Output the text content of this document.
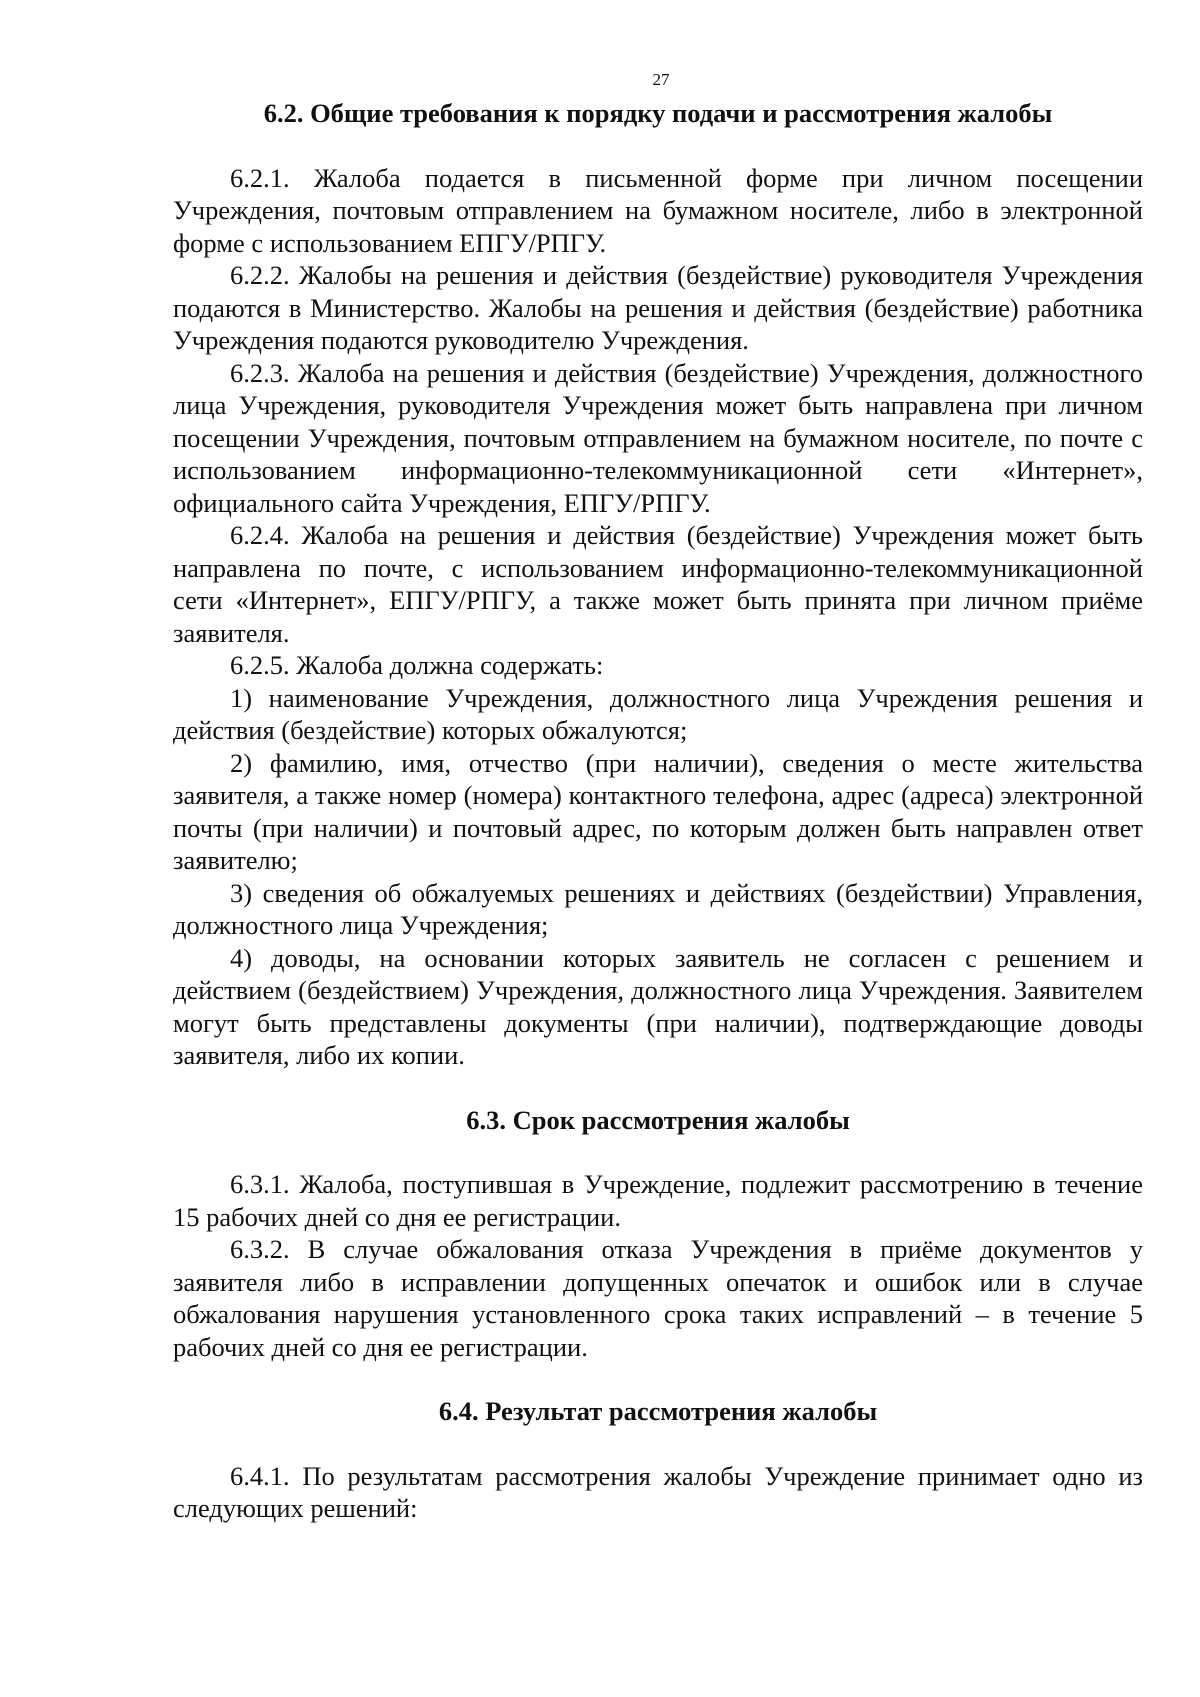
27
6.2. Общие требования к порядку подачи и рассмотрения жалобы

6.2.1. Жалоба подается в письменной форме при личном посещении Учреждения, почтовым отправлением на бумажном носителе, либо в электронной форме с использованием ЕПГУ/РПГУ.

6.2.2. Жалобы на решения и действия (бездействие) руководителя Учреждения подаются в Министерство. Жалобы на решения и действия (бездействие) работника Учреждения подаются руководителю Учреждения.

6.2.3. Жалоба на решения и действия (бездействие) Учреждения, должностного лица Учреждения, руководителя Учреждения может быть направлена при личном посещении Учреждения, почтовым отправлением на бумажном носителе, по почте с использованием информационно-телекоммуникационной сети «Интернет», официального сайта Учреждения, ЕПГУ/РПГУ.

6.2.4. Жалоба на решения и действия (бездействие) Учреждения может быть направлена по почте, с использованием информационно-телекоммуникационной сети «Интернет», ЕПГУ/РПГУ, а также может быть принята при личном приёме заявителя.

6.2.5. Жалоба должна содержать:

1) наименование Учреждения, должностного лица Учреждения решения и действия (бездействие) которых обжалуются;

2) фамилию, имя, отчество (при наличии), сведения о месте жительства заявителя, а также номер (номера) контактного телефона, адрес (адреса) электронной почты (при наличии) и почтовый адрес, по которым должен быть направлен ответ заявителю;

3) сведения об обжалуемых решениях и действиях (бездействии) Управления, должностного лица Учреждения;

4) доводы, на основании которых заявитель не согласен с решением и действием (бездействием) Учреждения, должностного лица Учреждения. Заявителем могут быть представлены документы (при наличии), подтверждающие доводы заявителя, либо их копии.

6.3. Срок рассмотрения жалобы

6.3.1. Жалоба, поступившая в Учреждение, подлежит рассмотрению в течение 15 рабочих дней со дня ее регистрации.

6.3.2. В случае обжалования отказа Учреждения в приёме документов у заявителя либо в исправлении допущенных опечаток и ошибок или в случае обжалования нарушения установленного срока таких исправлений – в течение 5 рабочих дней со дня ее регистрации.

6.4. Результат рассмотрения жалобы

6.4.1. По результатам рассмотрения жалобы Учреждение принимает одно из следующих решений:
